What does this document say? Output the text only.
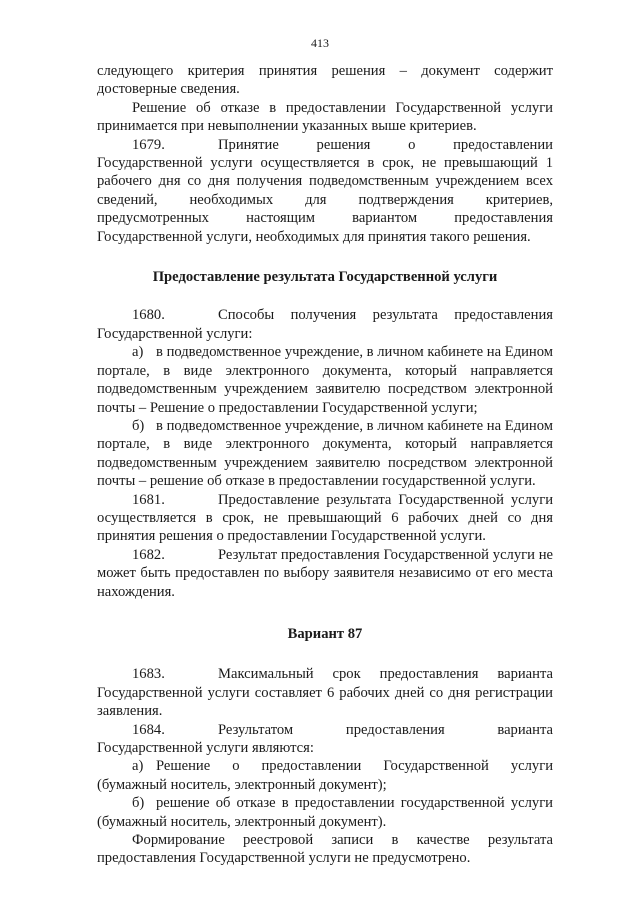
413

следующего критерия принятия решения – документ содержит достоверные сведения.

Решение об отказе в предоставлении Государственной услуги принимается при невыполнении указанных выше критериев.

1679.	Принятие решения о предоставлении Государственной услуги осуществляется в срок, не превышающий 1 рабочего дня со дня получения подведомственным учреждением всех сведений, необходимых для подтверждения критериев, предусмотренных настоящим вариантом предоставления Государственной услуги, необходимых для принятия такого решения.

Предоставление результата Государственной услуги

1680.	Способы получения результата предоставления Государственной услуги:

а) в подведомственное учреждение, в личном кабинете на Едином портале, в виде электронного документа, который направляется подведомственным учреждением заявителю посредством электронной почты – Решение о предоставлении Государственной услуги;

б) в подведомственное учреждение, в личном кабинете на Едином портале, в виде электронного документа, который направляется подведомственным учреждением заявителю посредством электронной почты – решение об отказе в предоставлении государственной услуги.

1681.	Предоставление результата Государственной услуги осуществляется в срок, не превышающий 6 рабочих дней со дня принятия решения о предоставлении Государственной услуги.

1682.	Результат предоставления Государственной услуги не может быть предоставлен по выбору заявителя независимо от его места нахождения.

Вариант 87

1683.	Максимальный срок предоставления варианта Государственной услуги составляет 6 рабочих дней со дня регистрации заявления.

1684.	Результатом предоставления варианта Государственной услуги являются:

а) Решение о предоставлении Государственной услуги (бумажный носитель, электронный документ);

б) решение об отказе в предоставлении государственной услуги (бумажный носитель, электронный документ).

Формирование реестровой записи в качестве результата предоставления Государственной услуги не предусмотрено.
